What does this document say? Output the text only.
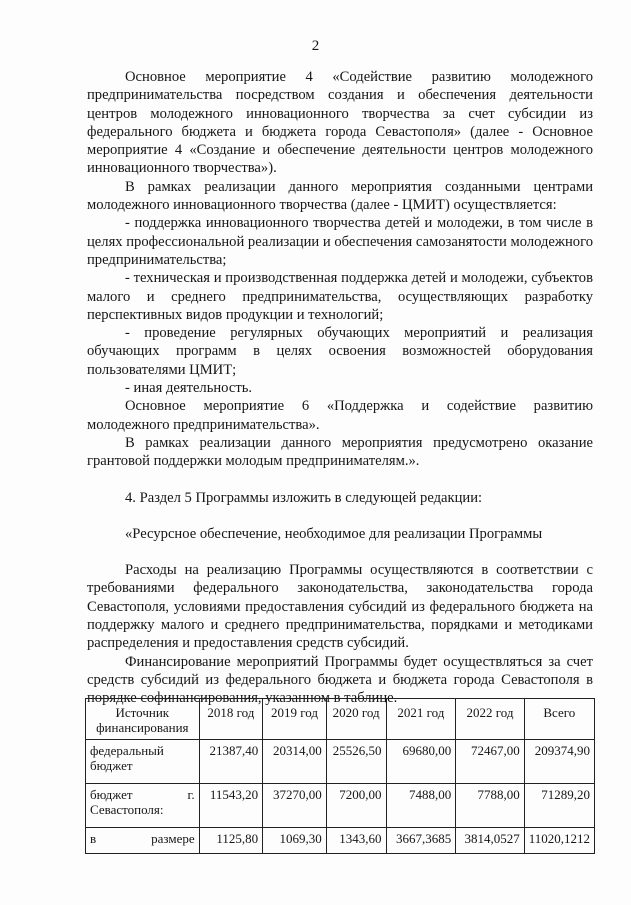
2

Основное мероприятие 4 «Содействие развитию молодежного предпринимательства посредством создания и обеспечения деятельности центров молодежного инновационного творчества за счет субсидии из федерального бюджета и бюджета города Севастополя» (далее - Основное мероприятие 4 «Создание и обеспечение деятельности центров молодежного инновационного творчества»).

В рамках реализации данного мероприятия созданными центрами молодежного инновационного творчества (далее - ЦМИТ) осуществляется:

- поддержка инновационного творчества детей и молодежи, в том числе в целях профессиональной реализации и обеспечения самозанятости молодежного предпринимательства;

- техническая и производственная поддержка детей и молодежи, субъектов малого и среднего предпринимательства, осуществляющих разработку перспективных видов продукции и технологий;

- проведение регулярных обучающих мероприятий и реализация обучающих программ в целях освоения возможностей оборудования пользователями ЦМИТ;

- иная деятельность.

Основное мероприятие 6 «Поддержка и содействие развитию молодежного предпринимательства».

В рамках реализации данного мероприятия предусмотрено оказание грантовой поддержки молодым предпринимателям.».

4. Раздел 5 Программы изложить в следующей редакции:

«Ресурсное обеспечение, необходимое для реализации Программы

Расходы на реализацию Программы осуществляются в соответствии с требованиями федерального законодательства, законодательства города Севастополя, условиями предоставления субсидий из федерального бюджета на поддержку малого и среднего предпринимательства, порядками и методиками распределения и предоставления средств субсидий.

Финансирование мероприятий Программы будет осуществляться за счет средств субсидий из федерального бюджета и бюджета города Севастополя в порядке софинансирования, указанном в таблице.

Источник финансирования	2018 год	2019 год	2020 год	2021 год	2022 год	Всего
федеральный бюджет	21387,40	20314,00	25526,50	69680,00	72467,00	209374,90

бюджет г.
Севастополя:	11543,20	37270,00	7200,00	7488,00	7788,00	71289,20

в размере	1125,80	1069,30	1343,60	3667,3685	3814,0527	11020,1212
